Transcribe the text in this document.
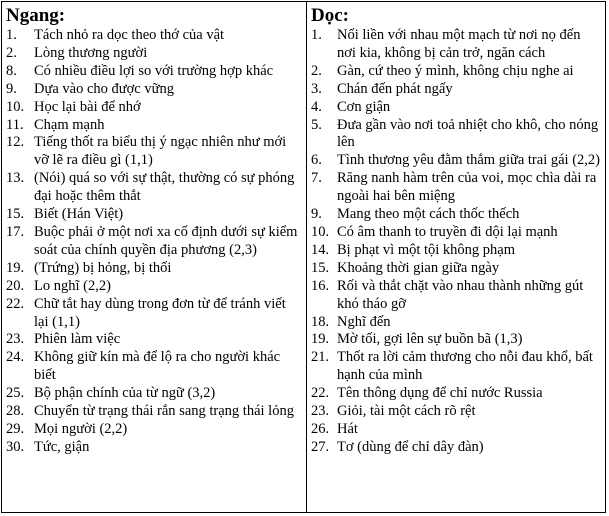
Ngang:
1.	Tách nhỏ ra dọc theo thớ của vật
2.	Lòng thương người
8.	Có nhiều điều lợi so với trường hợp khác
9.	Dựa vào cho được vững
10. Học lại bài để nhớ
11. Chạm mạnh
12. Tiếng thốt ra biểu thị ý ngạc nhiên như mới vỡ lẽ ra điều gì (1,1)
13. (Nói) quá so với sự thật, thường có sự phóng đại hoặc thêm thắt
15. Biết (Hán Việt)
17. Buộc phải ở một nơi xa cố định dưới sự kiểm soát của chính quyền địa phương (2,3)
19. (Trứng) bị hỏng, bị thối
20. Lo nghĩ (2,2)
22. Chữ tắt hay dùng trong đơn từ để tránh viết lại (1,1)
23. Phiên làm việc
24. Không giữ kín mà để lộ ra cho người khác biết
25. Bộ phận chính của từ ngữ (3,2)
28. Chuyển từ trạng thái rắn sang trạng thái lỏng
29. Mọi người (2,2)
30. Tức, giận
Dọc:
1.	Nối liền với nhau một mạch từ nơi nọ đến nơi kia, không bị cản trở, ngăn cách
2.	Gàn, cứ theo ý mình, không chịu nghe ai
3.	Chán đến phát ngấy
4.	Cơn giận
5.	Đưa gần vào nơi toả nhiệt cho khô, cho nóng lên
6.	Tình thương yêu đằm thắm giữa trai gái (2,2)
7.	Răng nanh hàm trên của voi, mọc chìa dài ra ngoài hai bên miệng
9.	Mang theo một cách thốc thếch
10. Có âm thanh to truyền đi dội lại mạnh
14. Bị phạt vì một tội không phạm
15. Khoảng thời gian giữa ngày
16. Rối và thắt chặt vào nhau thành những gút khó tháo gỡ
18. Nghĩ đến
19. Mờ tối, gợi lên sự buồn bã (1,3)
21. Thốt ra lời cảm thương cho nỗi đau khổ, bất hạnh của mình
22. Tên thông dụng để chỉ nước Russia
23. Giỏi, tài một cách rõ rệt
26. Hát
27. Tơ (dùng để chỉ dây đàn)
